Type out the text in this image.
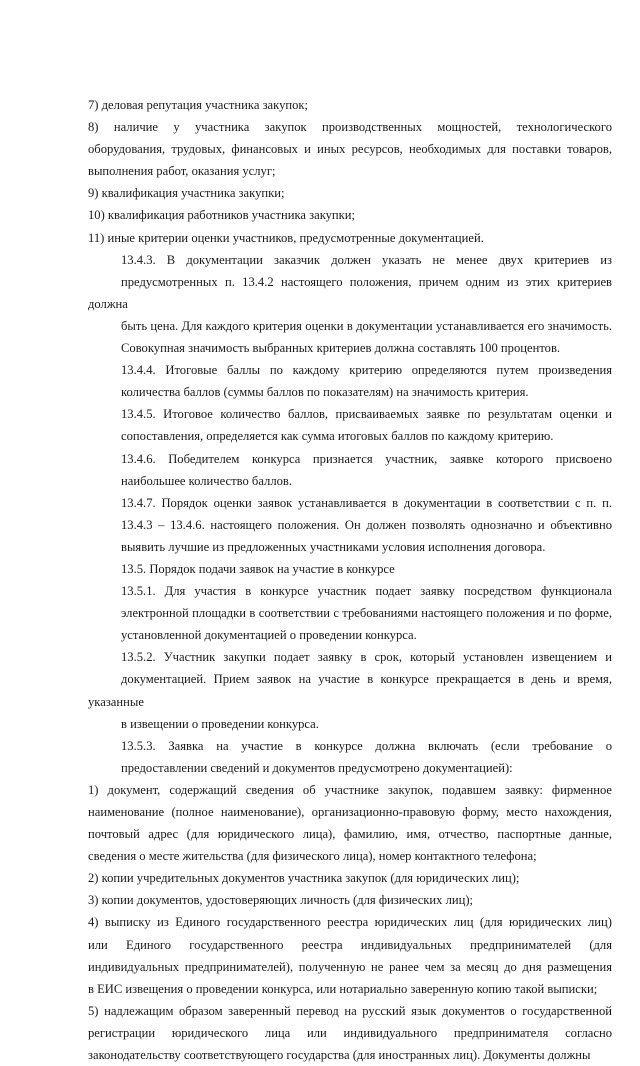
7) деловая репутация участника закупок;

8) наличие у участника закупок производственных мощностей, технологического
оборудования, трудовых, финансовых и иных ресурсов, необходимых для поставки товаров,
выполнения работ, оказания услуг;

9) квалификация участника закупки;

10) квалификация работников участника закупки;

11) иные критерии оценки участников, предусмотренные документацией.

13.4.3. В документации заказчик должен указать не менее двух критериев из
предусмотренных п. 13.4.2 настоящего положения, причем одним из этих критериев должна
быть цена. Для каждого критерия оценки в документации устанавливается его значимость.
Совокупная значимость выбранных критериев должна составлять 100 процентов.

13.4.4. Итоговые баллы по каждому критерию определяются путем произведения
количества баллов (суммы баллов по показателям) на значимость критерия.

13.4.5. Итоговое количество баллов, присваиваемых заявке по результатам оценки и
сопоставления, определяется как сумма итоговых баллов по каждому критерию.

13.4.6. Победителем конкурса признается участник, заявке которого присвоено
наибольшее количество баллов.

13.4.7. Порядок оценки заявок устанавливается в документации в соответствии с п. п.
13.4.3 – 13.4.6. настоящего положения. Он должен позволять однозначно и объективно
выявить лучшие из предложенных участниками условия исполнения договора.

13.5. Порядок подачи заявок на участие в конкурсе

13.5.1. Для участия в конкурсе участник подает заявку посредством функционала
электронной площадки в соответствии с требованиями настоящего положения и по форме,
установленной документацией о проведении конкурса.

13.5.2. Участник закупки подает заявку в срок, который установлен извещением и
документацией. Прием заявок на участие в конкурсе прекращается в день и время, указанные
в извещении о проведении конкурса.

13.5.3. Заявка на участие в конкурсе должна включать (если требование о
предоставлении сведений и документов предусмотрено документацией):

1) документ, содержащий сведения об участнике закупок, подавшем заявку: фирменное
наименование (полное наименование), организационно-правовую форму, место нахождения,
почтовый адрес (для юридического лица), фамилию, имя, отчество, паспортные данные,
сведения о месте жительства (для физического лица), номер контактного телефона;

2) копии учредительных документов участника закупок (для юридических лиц);

3) копии документов, удостоверяющих личность (для физических лиц);

4) выписку из Единого государственного реестра юридических лиц (для юридических лиц)
или Единого государственного реестра индивидуальных предпринимателей (для
индивидуальных предпринимателей), полученную не ранее чем за месяц до дня размещения
в ЕИС извещения о проведении конкурса, или нотариально заверенную копию такой выписки;

5) надлежащим образом заверенный перевод на русский язык документов о государственной
регистрации юридического лица или индивидуального предпринимателя согласно
законодательству соответствующего государства (для иностранных лиц). Документы должны
